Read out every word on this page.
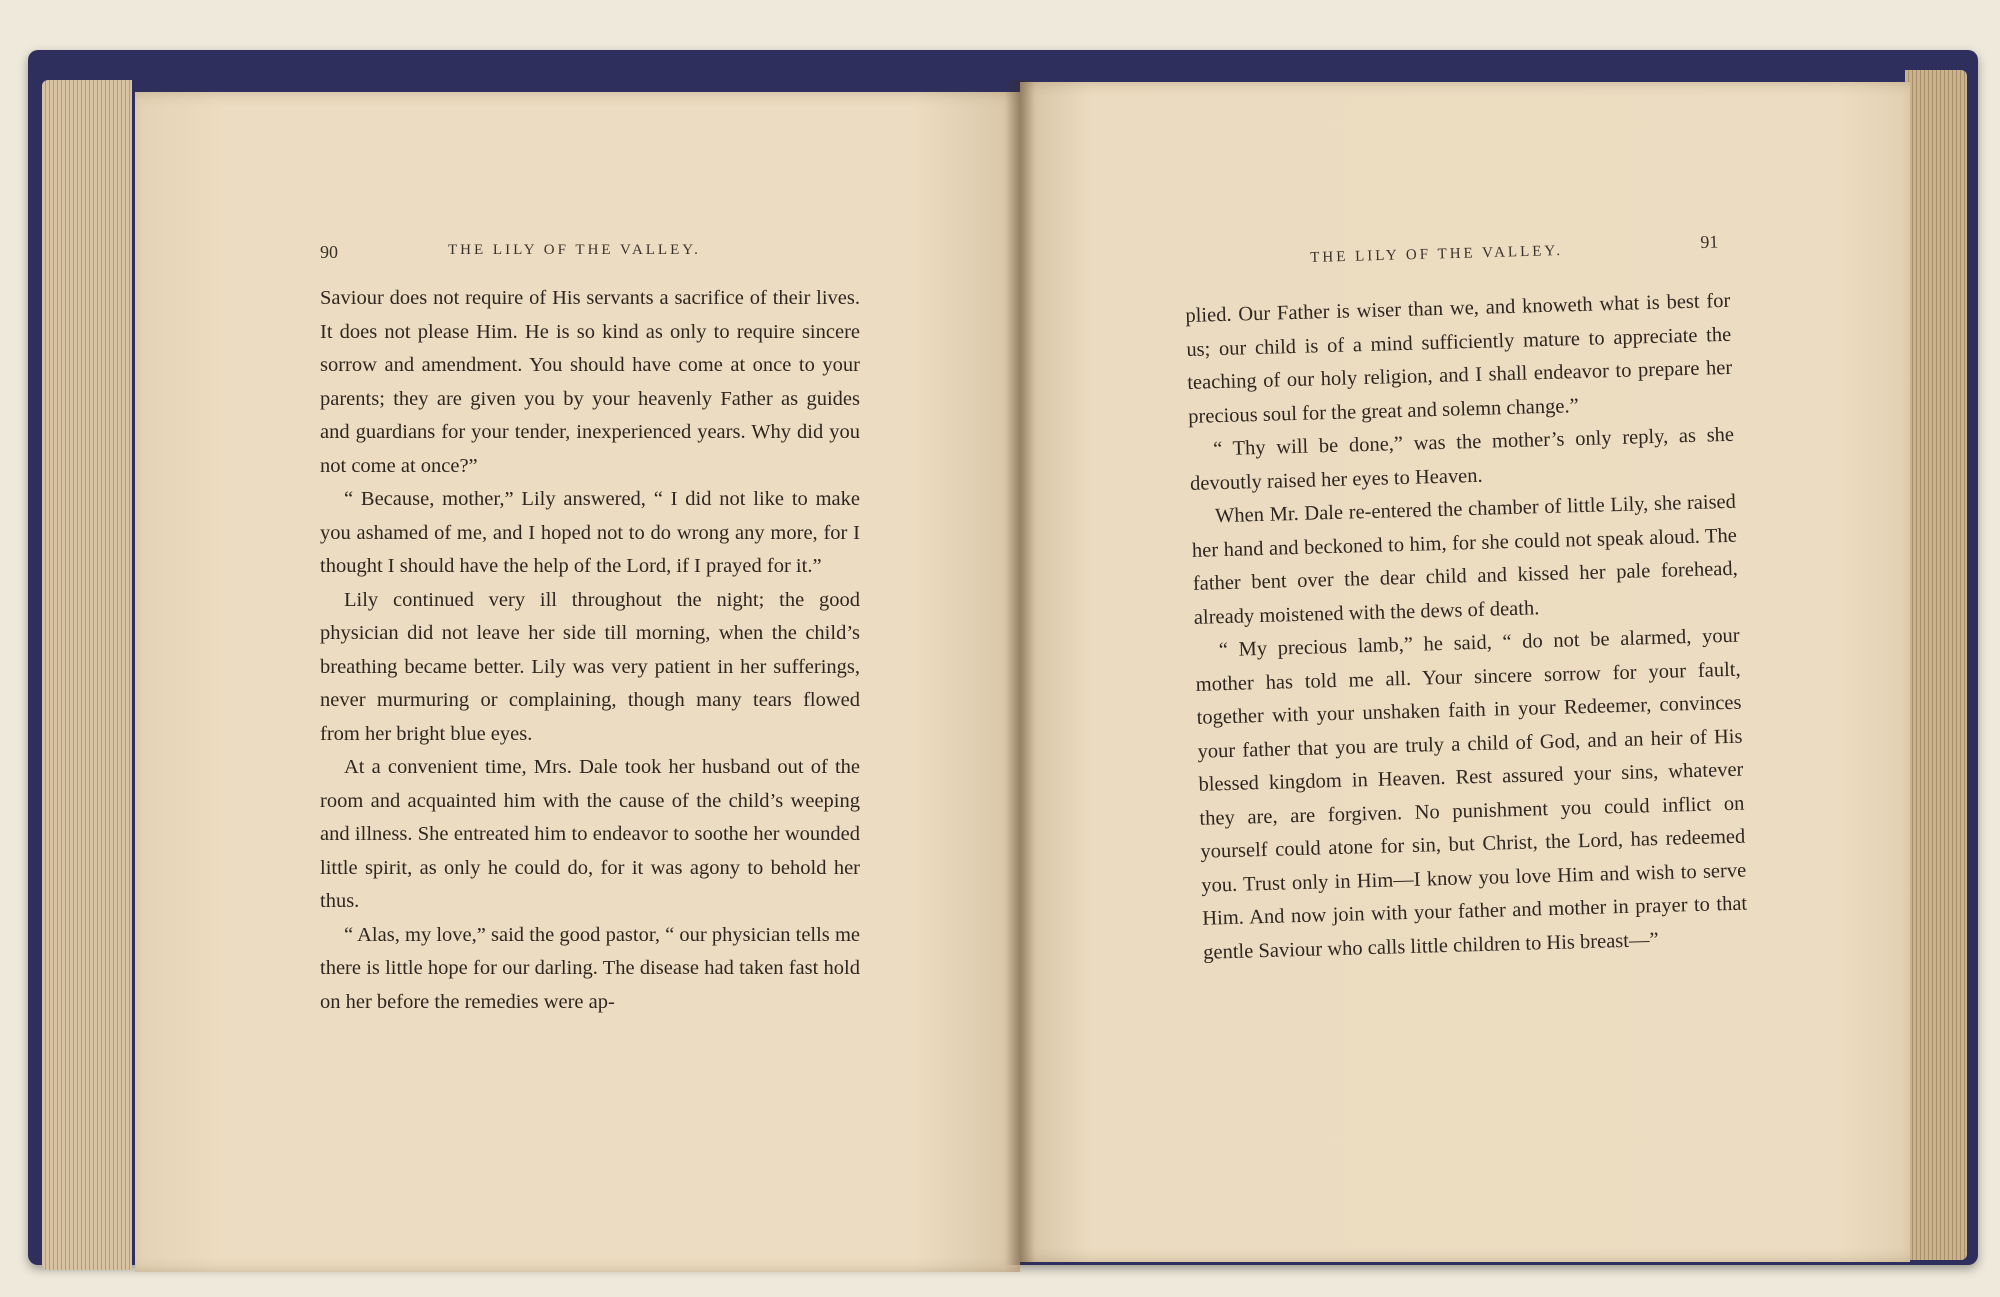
90	THE LILY OF THE VALLEY.

Saviour does not require of His servants a sacrifice of their lives. It does not please Him. He is so kind as only to require sincere sorrow and amendment. You should have come at once to your parents; they are given you by your heavenly Father as guides and guardians for your tender, inexperienced years. Why did you not come at once?”

“ Because, mother,” Lily answered, “ I did not like to make you ashamed of me, and I hoped not to do wrong any more, for I thought I should have the help of the Lord, if I prayed for it.”

Lily continued very ill throughout the night; the good physician did not leave her side till morning, when the child’s breathing became better. Lily was very patient in her sufferings, never murmuring or complaining, though many tears flowed from her bright blue eyes.

At a convenient time, Mrs. Dale took her husband out of the room and acquainted him with the cause of the child’s weeping and illness. She entreated him to endeavor to soothe her wounded little spirit, as only he could do, for it was agony to behold her thus.

“ Alas, my love,” said the good pastor, “ our physician tells me there is little hope for our darling. The disease had taken fast hold on her before the remedies were ap-

THE LILY OF THE VALLEY.
91

plied. Our Father is wiser than we, and knoweth what is best for us; our child is of a mind sufficiently mature to appreciate the teaching of our holy religion, and I shall endeavor to prepare her precious soul for the great and solemn change.”

“ Thy will be done,” was the mother’s only reply, as she devoutly raised her eyes to Heaven.

When Mr. Dale re-entered the chamber of little Lily, she raised her hand and beckoned to him, for she could not speak aloud. The father bent over the dear child and kissed her pale forehead, already moistened with the dews of death.

“ My precious lamb,” he said, “ do not be alarmed, your mother has told me all. Your sincere sorrow for your fault, together with your unshaken faith in your Redeemer, convinces your father that you are truly a child of God, and an heir of His blessed kingdom in Heaven. Rest assured your sins, whatever they are, are forgiven. No punishment you could inflict on yourself could atone for sin, but Christ, the Lord, has redeemed you. Trust only in Him—I know you love Him and wish to serve Him. And now join with your father and mother in prayer to that gentle Saviour who calls little children to His breast—”
